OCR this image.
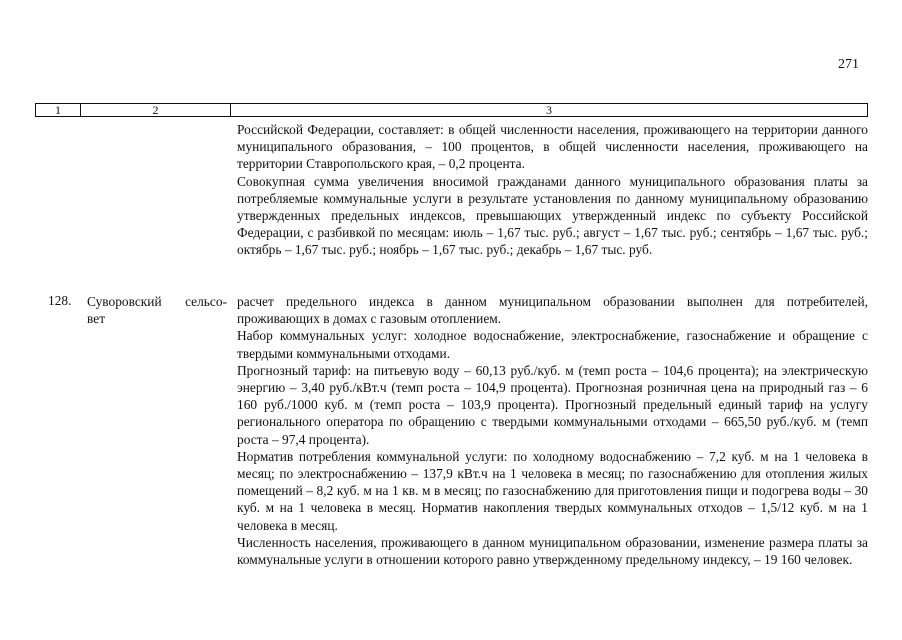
271
1	2	3

Российской Федерации, составляет: в общей численности населения, проживающего на территории данного муниципального образования, – 100 процентов, в общей численности населения, проживающего на территории Ставропольского края, – 0,2 процента.

Совокупная сумма увеличения вносимой гражданами данного муниципального образования платы за потребляемые коммунальные услуги в результате установления по данному муниципальному образованию утвержденных предельных индексов, превышающих утвержденный индекс по субъекту Российской Федерации, с разбивкой по месяцам: июль – 1,67 тыс. руб.; август – 1,67 тыс. руб.; сентябрь – 1,67 тыс. руб.; октябрь – 1,67 тыс. руб.; ноябрь – 1,67 тыс. руб.; декабрь – 1,67 тыс. руб.

128. Суворовский сельсо-
вет

расчет предельного индекса в данном муниципальном образовании выполнен для потребителей, проживающих в домах с газовым отоплением.

Набор коммунальных услуг: холодное водоснабжение, электроснабжение, газоснабжение и обращение с твердыми коммунальными отходами.

Прогнозный тариф: на питьевую воду – 60,13 руб./куб. м (темп роста – 104,6 процента); на электрическую энергию – 3,40 руб./кВт.ч (темп роста – 104,9 процента). Прогнозная розничная цена на природный газ – 6 160 руб./1000 куб. м (темп роста – 103,9 процента). Прогнозный предельный единый тариф на услугу регионального оператора по обращению с твердыми коммунальными отходами – 665,50 руб./куб. м (темп роста – 97,4 процента).

Норматив потребления коммунальной услуги: по холодному водоснабжению – 7,2 куб. м на 1 человека в месяц; по электроснабжению – 137,9 кВт.ч на 1 человека в месяц; по газоснабжению для отопления жилых помещений – 8,2 куб. м на 1 кв. м в месяц; по газоснабжению для приготовления пищи и подогрева воды – 30 куб. м на 1 человека в месяц. Норматив накопления твердых коммунальных отходов – 1,5/12 куб. м на 1 человека в месяц.

Численность населения, проживающего в данном муниципальном образовании, изменение размера платы за коммунальные услуги в отношении которого равно утвержденному предельному индексу, – 19 160 человек.
